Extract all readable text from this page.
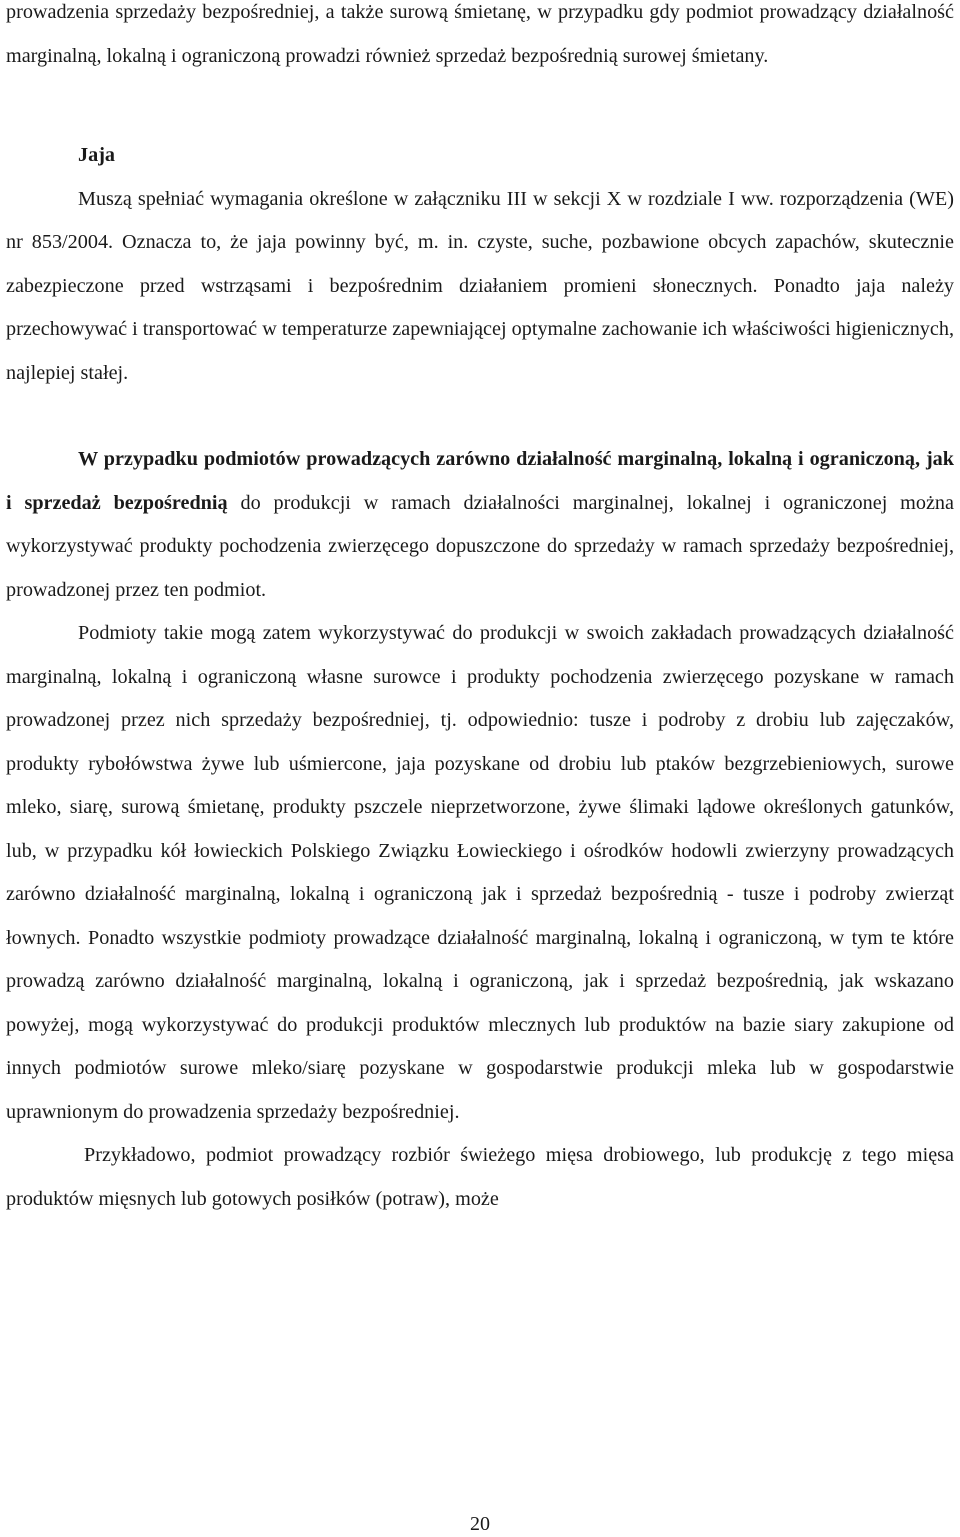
prowadzenia sprzedaży bezpośredniej, a także surową śmietanę, w przypadku gdy podmiot prowadzący działalność marginalną, lokalną i ograniczoną prowadzi również sprzedaż bezpośrednią surowej śmietany.

Jaja

Muszą spełniać wymagania określone w załączniku III w sekcji X w rozdziale I ww. rozporządzenia (WE) nr 853/2004. Oznacza to, że jaja powinny być, m. in. czyste, suche, pozbawione obcych zapachów, skutecznie zabezpieczone przed wstrząsami i bezpośrednim działaniem promieni słonecznych. Ponadto jaja należy przechowywać i transportować w temperaturze zapewniającej optymalne zachowanie ich właściwości higienicznych, najlepiej stałej.

W przypadku podmiotów prowadzących zarówno działalność marginalną, lokalną i ograniczoną, jak i sprzedaż bezpośrednią do produkcji w ramach działalności marginalnej, lokalnej i ograniczonej można wykorzystywać produkty pochodzenia zwierzęcego dopuszczone do sprzedaży w ramach sprzedaży bezpośredniej, prowadzonej przez ten podmiot.

Podmioty takie mogą zatem wykorzystywać do produkcji w swoich zakładach prowadzących działalność marginalną, lokalną i ograniczoną własne surowce i produkty pochodzenia zwierzęcego pozyskane w ramach prowadzonej przez nich sprzedaży bezpośredniej, tj. odpowiednio: tusze i podroby z drobiu lub zajęczaków, produkty rybołówstwa żywe lub uśmiercone, jaja pozyskane od drobiu lub ptaków bezgrzebieniowych, surowe mleko, siarę, surową śmietanę, produkty pszczele nieprzetworzone, żywe ślimaki lądowe określonych gatunków, lub, w przypadku kół łowieckich Polskiego Związku Łowieckiego i ośrodków hodowli zwierzyny prowadzących zarówno działalność marginalną, lokalną i ograniczoną jak i sprzedaż bezpośrednią - tusze i podroby zwierząt łownych. Ponadto wszystkie podmioty prowadzące działalność marginalną, lokalną i ograniczoną, w tym te które prowadzą zarówno działalność marginalną, lokalną i ograniczoną, jak i sprzedaż bezpośrednią, jak wskazano powyżej, mogą wykorzystywać do produkcji produktów mlecznych lub produktów na bazie siary zakupione od innych podmiotów surowe mleko/siarę pozyskane w gospodarstwie produkcji mleka lub w gospodarstwie uprawnionym do prowadzenia sprzedaży bezpośredniej.

Przykładowo, podmiot prowadzący rozbiór świeżego mięsa drobiowego, lub produkcję z tego mięsa produktów mięsnych lub gotowych posiłków (potraw), może

20
